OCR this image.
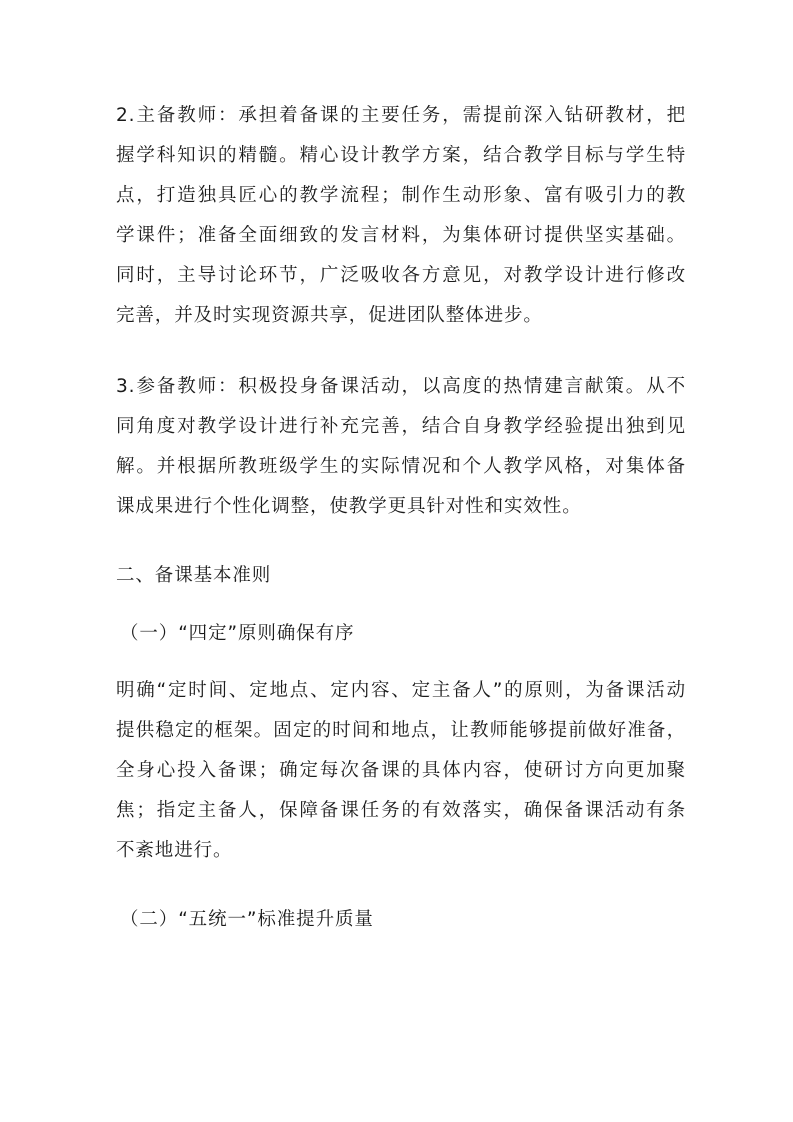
2.主备教师：承担着备课的主要任务，需提前深入钻研教材，把
握学科知识的精髓。精心设计教学方案，结合教学目标与学生特
点，打造独具匠心的教学流程；制作生动形象、富有吸引力的教
学课件；准备全面细致的发言材料，为集体研讨提供坚实基础。
同时，主导讨论环节，广泛吸收各方意见，对教学设计进行修改
完善，并及时实现资源共享，促进团队整体进步。
3.参备教师：积极投身备课活动，以高度的热情建言献策。从不
同角度对教学设计进行补充完善，结合自身教学经验提出独到见
解。并根据所教班级学生的实际情况和个人教学风格，对集体备
课成果进行个性化调整，使教学更具针对性和实效性。
二、备课基本准则
（一）“四定”原则确保有序
明确“定时间、定地点、定内容、定主备人”的原则，为备课活动
提供稳定的框架。固定的时间和地点，让教师能够提前做好准备，
全身心投入备课；确定每次备课的具体内容，使研讨方向更加聚
焦；指定主备人，保障备课任务的有效落实，确保备课活动有条
不紊地进行。
（二）“五统一”标准提升质量
